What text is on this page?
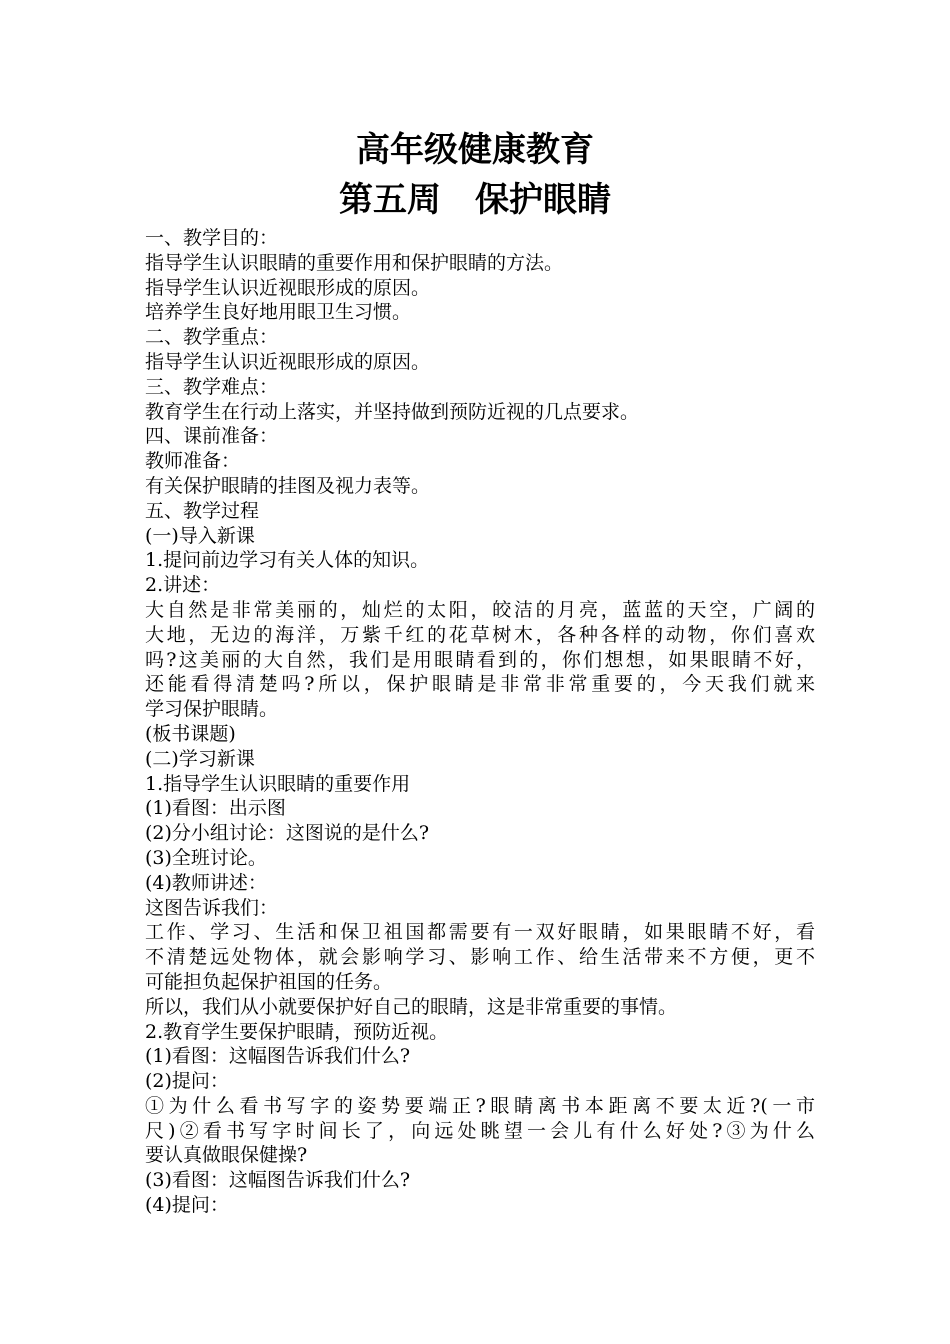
高年级健康教育
第五周　保护眼睛
一、教学目的：
指导学生认识眼睛的重要作用和保护眼睛的方法。
指导学生认识近视眼形成的原因。
培养学生良好地用眼卫生习惯。
二、教学重点：
指导学生认识近视眼形成的原因。
三、教学难点：
教育学生在行动上落实，并坚持做到预防近视的几点要求。
四、课前准备：
教师准备：
有关保护眼睛的挂图及视力表等。
五、教学过程
(一)导入新课
1.提问前边学习有关人体的知识。
2.讲述：
大自然是非常美丽的，灿烂的太阳，皎洁的月亮，蓝蓝的天空，广阔的
大地，无边的海洋，万紫千红的花草树木，各种各样的动物，你们喜欢
吗?这美丽的大自然，我们是用眼睛看到的，你们想想，如果眼睛不好，
还能看得清楚吗?所以，保护眼睛是非常非常重要的，今天我们就来
学习保护眼睛。
(板书课题)
(二)学习新课
1.指导学生认识眼睛的重要作用
(1)看图：出示图
(2)分小组讨论：这图说的是什么?
(3)全班讨论。
(4)教师讲述：
这图告诉我们：
工作、学习、生活和保卫祖国都需要有一双好眼睛，如果眼睛不好，看
不清楚远处物体，就会影响学习、影响工作、给生活带来不方便，更不
可能担负起保护祖国的任务。
所以，我们从小就要保护好自己的眼睛，这是非常重要的事情。
2.教育学生要保护眼睛，预防近视。
(1)看图：这幅图告诉我们什么?
(2)提问：
①为什么看书写字的姿势要端正?眼睛离书本距离不要太近?(一市
尺)②看书写字时间长了，向远处眺望一会儿有什么好处?③为什么
要认真做眼保健操?
(3)看图：这幅图告诉我们什么?
(4)提问：
